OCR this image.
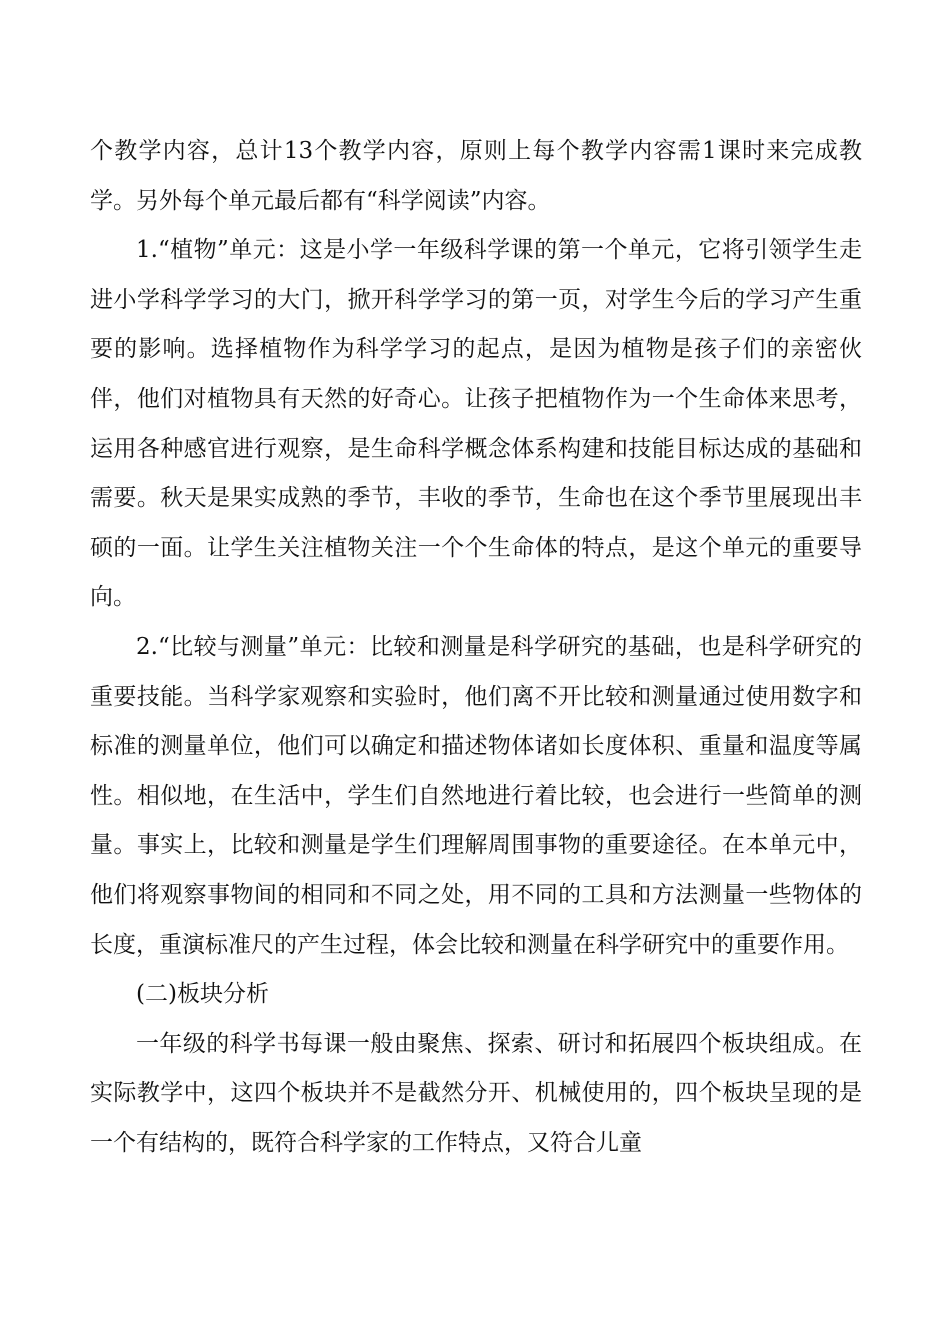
个教学内容，总计13个教学内容，原则上每个教学内容需1课时来完成教学。另外每个单元最后都有“科学阅读”内容。

1.“植物”单元：这是小学一年级科学课的第一个单元，它将引领学生走进小学科学学习的大门，掀开科学学习的第一页，对学生今后的学习产生重要的影响。选择植物作为科学学习的起点，是因为植物是孩子们的亲密伙伴，他们对植物具有天然的好奇心。让孩子把植物作为一个生命体来思考，运用各种感官进行观察，是生命科学概念体系构建和技能目标达成的基础和需要。秋天是果实成熟的季节，丰收的季节，生命也在这个季节里展现出丰硕的一面。让学生关注植物关注一个个生命体的特点，是这个单元的重要导向。

2.“比较与测量”单元：比较和测量是科学研究的基础，也是科学研究的重要技能。当科学家观察和实验时，他们离不开比较和测量通过使用数字和标准的测量单位，他们可以确定和描述物体诸如长度体积、重量和温度等属性。相似地，在生活中，学生们自然地进行着比较，也会进行一些简单的测量。事实上，比较和测量是学生们理解周围事物的重要途径。在本单元中，他们将观察事物间的相同和不同之处，用不同的工具和方法测量一些物体的长度，重演标准尺的产生过程，体会比较和测量在科学研究中的重要作用。

(二)板块分析

一年级的科学书每课一般由聚焦、探索、研讨和拓展四个板块组成。在实际教学中，这四个板块并不是截然分开、机械使用的，四个板块呈现的是一个有结构的，既符合科学家的工作特点，又符合儿童
